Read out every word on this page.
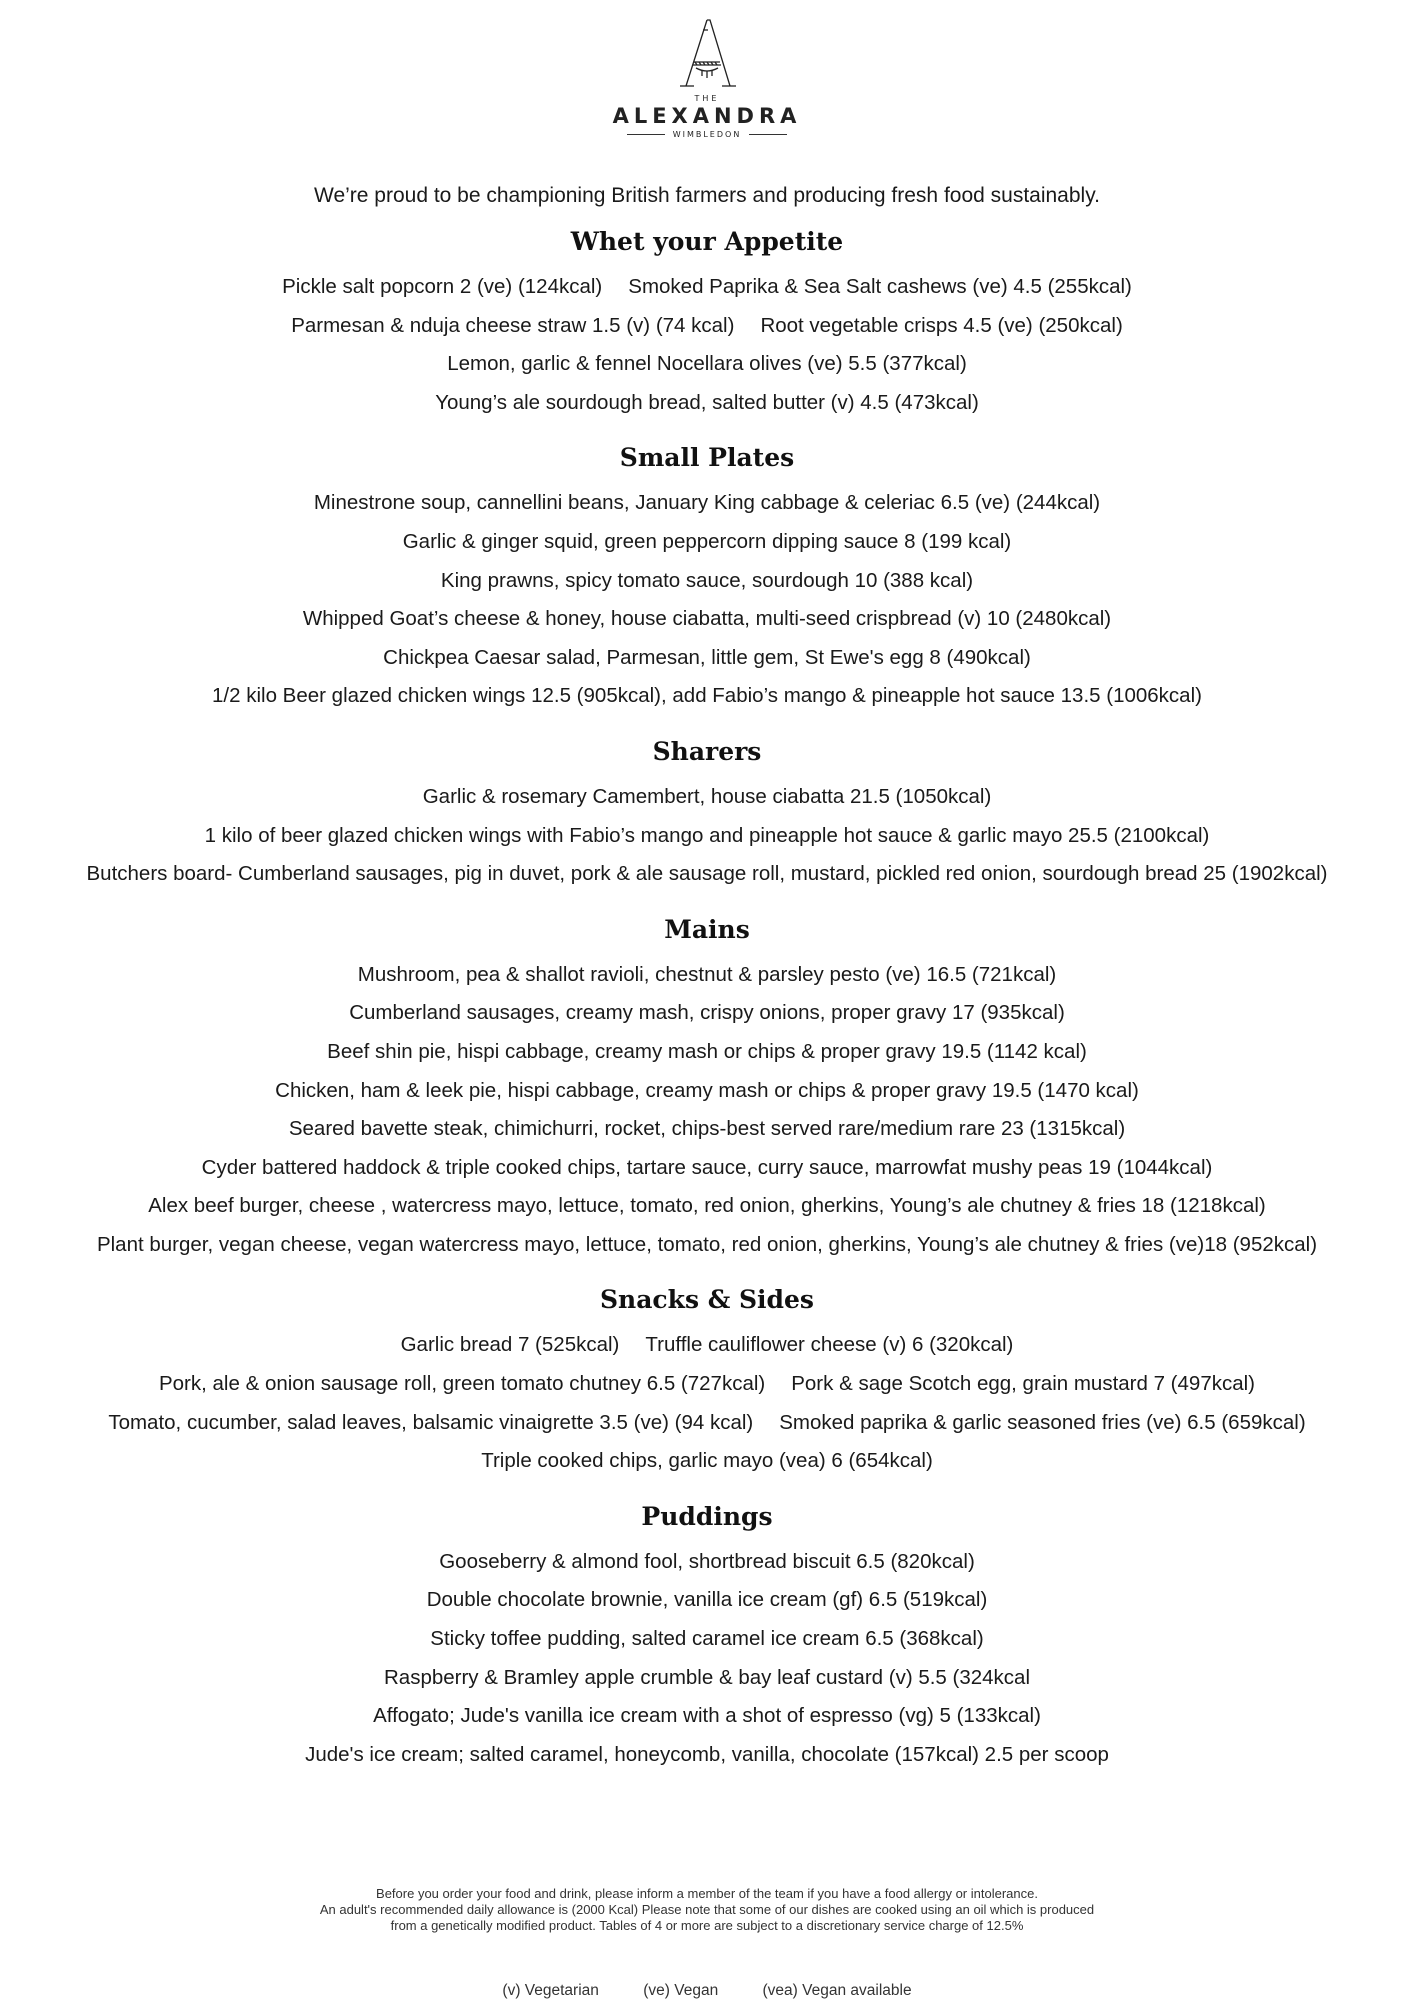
THE
ALEXANDRA
WIMBLEDON
We’re proud to be championing British farmers and producing fresh food sustainably.
Whet your Appetite
Pickle salt popcorn 2 (ve) (124kcal) Smoked Paprika & Sea Salt cashews (ve) 4.5 (255kcal)
Parmesan & nduja cheese straw 1.5 (v) (74 kcal) Root vegetable crisps 4.5 (ve) (250kcal)
Lemon, garlic & fennel Nocellara olives (ve) 5.5 (377kcal)
Young’s ale sourdough bread, salted butter (v) 4.5 (473kcal)
Small Plates
Minestrone soup, cannellini beans, January King cabbage & celeriac 6.5 (ve) (244kcal)
Garlic & ginger squid, green peppercorn dipping sauce 8 (199 kcal)
King prawns, spicy tomato sauce, sourdough 10 (388 kcal)
Whipped Goat’s cheese & honey, house ciabatta, multi-seed crispbread (v) 10 (2480kcal)
Chickpea Caesar salad, Parmesan, little gem, St Ewe's egg 8 (490kcal)
1/2 kilo Beer glazed chicken wings 12.5 (905kcal), add Fabio’s mango & pineapple hot sauce 13.5 (1006kcal)
Sharers
Garlic & rosemary Camembert, house ciabatta 21.5 (1050kcal)
1 kilo of beer glazed chicken wings with Fabio’s mango and pineapple hot sauce & garlic mayo 25.5 (2100kcal)
Butchers board- Cumberland sausages, pig in duvet, pork & ale sausage roll, mustard, pickled red onion, sourdough bread 25 (1902kcal)
Mains
Mushroom, pea & shallot ravioli, chestnut & parsley pesto (ve) 16.5 (721kcal)
Cumberland sausages, creamy mash, crispy onions, proper gravy 17 (935kcal)
Beef shin pie, hispi cabbage, creamy mash or chips & proper gravy 19.5 (1142 kcal)
Chicken, ham & leek pie, hispi cabbage, creamy mash or chips & proper gravy 19.5 (1470 kcal)
Seared bavette steak, chimichurri, rocket, chips-best served rare/medium rare 23 (1315kcal)
Cyder battered haddock & triple cooked chips, tartare sauce, curry sauce, marrowfat mushy peas 19 (1044kcal)
Alex beef burger, cheese , watercress mayo, lettuce, tomato, red onion, gherkins, Young’s ale chutney & fries 18 (1218kcal)
Plant burger, vegan cheese, vegan watercress mayo, lettuce, tomato, red onion, gherkins, Young’s ale chutney & fries (ve)18 (952kcal)
Snacks & Sides
Garlic bread 7 (525kcal) Truffle cauliflower cheese (v) 6 (320kcal)
Pork, ale & onion sausage roll, green tomato chutney 6.5 (727kcal) Pork & sage Scotch egg, grain mustard 7 (497kcal)
Tomato, cucumber, salad leaves, balsamic vinaigrette 3.5 (ve) (94 kcal) Smoked paprika & garlic seasoned fries (ve) 6.5 (659kcal)
Triple cooked chips, garlic mayo (vea) 6 (654kcal)
Puddings
Gooseberry & almond fool, shortbread biscuit 6.5 (820kcal)
Double chocolate brownie, vanilla ice cream (gf) 6.5 (519kcal)
Sticky toffee pudding, salted caramel ice cream 6.5 (368kcal)
Raspberry & Bramley apple crumble & bay leaf custard (v) 5.5 (324kcal
Affogato; Jude's vanilla ice cream with a shot of espresso (vg) 5 (133kcal)
Jude's ice cream; salted caramel, honeycomb, vanilla, chocolate (157kcal) 2.5 per scoop
Before you order your food and drink, please inform a member of the team if you have a food allergy or intolerance.
An adult's recommended daily allowance is (2000 Kcal) Please note that some of our dishes are cooked using an oil which is produced
from a genetically modified product. Tables of 4 or more are subject to a discretionary service charge of 12.5%
(v) Vegetarian	(ve) Vegan	(vea) Vegan available
